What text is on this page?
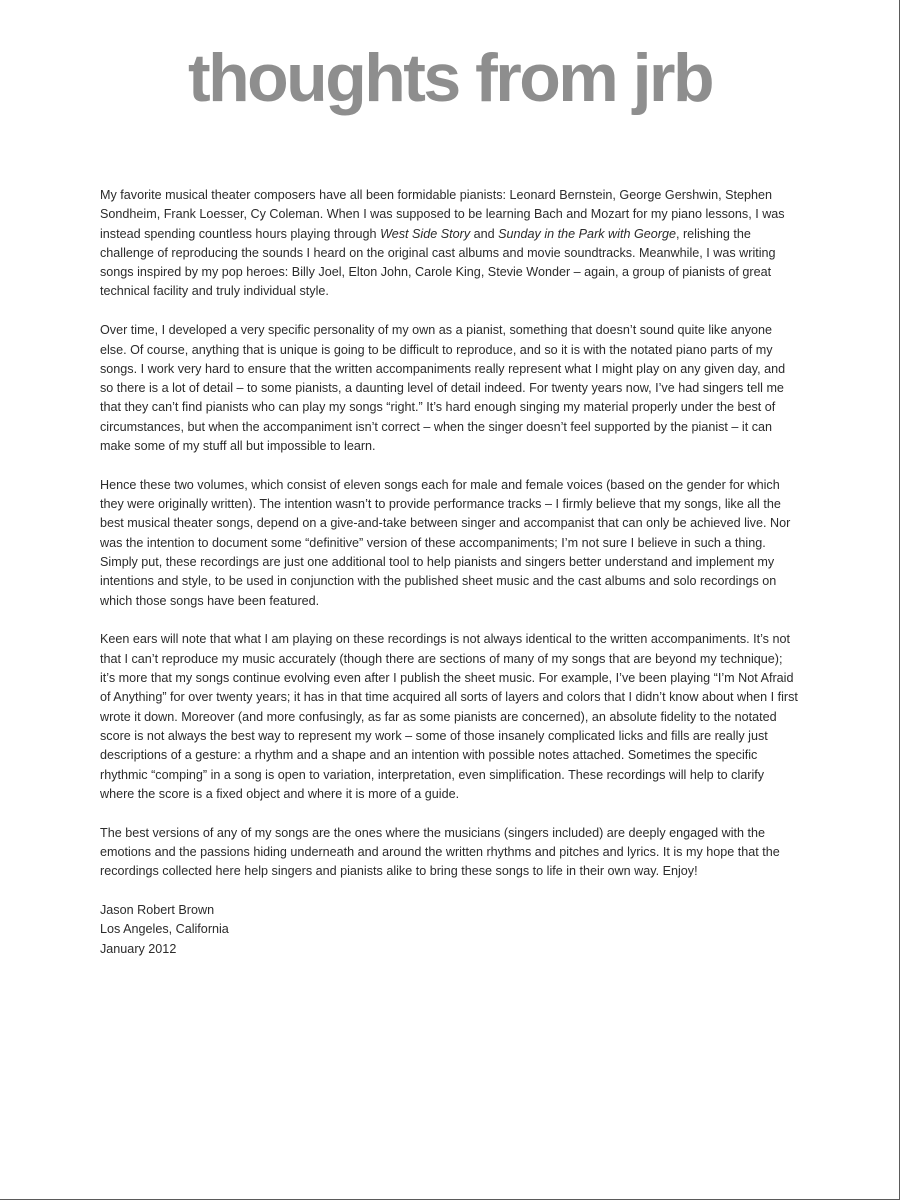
thoughts from jrb

My favorite musical theater composers have all been formidable pianists: Leonard Bernstein, George Gershwin, Stephen Sondheim, Frank Loesser, Cy Coleman. When I was supposed to be learning Bach and Mozart for my piano lessons, I was instead spending countless hours playing through West Side Story and Sunday in the Park with George, relishing the challenge of reproducing the sounds I heard on the original cast albums and movie soundtracks. Meanwhile, I was writing songs inspired by my pop heroes: Billy Joel, Elton John, Carole King, Stevie Wonder – again, a group of pianists of great technical facility and truly individual style.

Over time, I developed a very specific personality of my own as a pianist, something that doesn’t sound quite like anyone else. Of course, anything that is unique is going to be difficult to reproduce, and so it is with the notated piano parts of my songs. I work very hard to ensure that the written accompaniments really represent what I might play on any given day, and so there is a lot of detail – to some pianists, a daunting level of detail indeed. For twenty years now, I’ve had singers tell me that they can’t find pianists who can play my songs “right.” It’s hard enough singing my material properly under the best of circumstances, but when the accompaniment isn’t correct – when the singer doesn’t feel supported by the pianist – it can make some of my stuff all but impossible to learn.

Hence these two volumes, which consist of eleven songs each for male and female voices (based on the gender for which they were originally written). The intention wasn’t to provide performance tracks – I firmly believe that my songs, like all the best musical theater songs, depend on a give-and-take between singer and accompanist that can only be achieved live. Nor was the intention to document some “definitive” version of these accompaniments; I’m not sure I believe in such a thing. Simply put, these recordings are just one additional tool to help pianists and singers better understand and implement my intentions and style, to be used in conjunction with the published sheet music and the cast albums and solo recordings on which those songs have been featured.

Keen ears will note that what I am playing on these recordings is not always identical to the written accompaniments. It’s not that I can’t reproduce my music accurately (though there are sections of many of my songs that are beyond my technique); it’s more that my songs continue evolving even after I publish the sheet music. For example, I’ve been playing “I’m Not Afraid of Anything” for over twenty years; it has in that time acquired all sorts of layers and colors that I didn’t know about when I first wrote it down. Moreover (and more confusingly, as far as some pianists are concerned), an absolute fidelity to the notated score is not always the best way to represent my work – some of those insanely complicated licks and fills are really just descriptions of a gesture: a rhythm and a shape and an intention with possible notes attached. Sometimes the specific rhythmic “comping” in a song is open to variation, interpretation, even simplification. These recordings will help to clarify where the score is a fixed object and where it is more of a guide.

The best versions of any of my songs are the ones where the musicians (singers included) are deeply engaged with the emotions and the passions hiding underneath and around the written rhythms and pitches and lyrics. It is my hope that the recordings collected here help singers and pianists alike to bring these songs to life in their own way. Enjoy!

Jason Robert Brown
Los Angeles, California
January 2012
